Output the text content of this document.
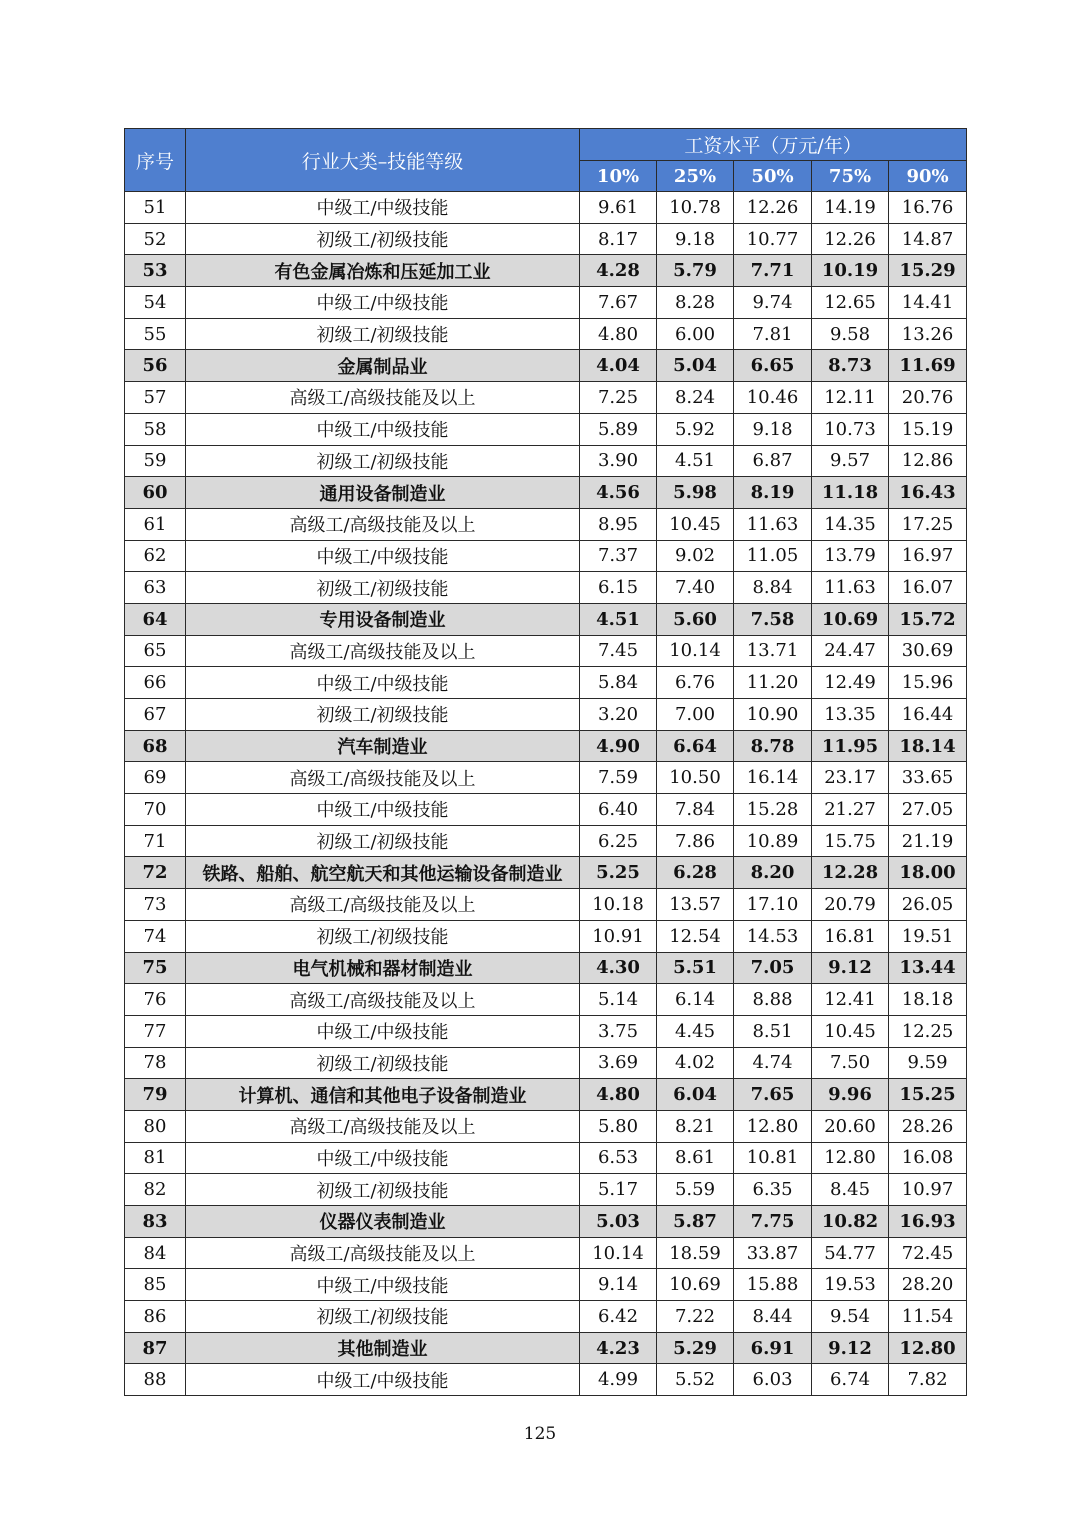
序号	行业大类–技能等级	工资水平（万元/年）				
		10%	25%	50%	75%	90%
51	中级工/中级技能	9.61	10.78	12.26	14.19	16.76
52	初级工/初级技能	8.17	9.18	10.77	12.26	14.87
53	有色金属冶炼和压延加工业	4.28	5.79	7.71	10.19	15.29
54	中级工/中级技能	7.67	8.28	9.74	12.65	14.41
55	初级工/初级技能	4.80	6.00	7.81	9.58	13.26
56	金属制品业	4.04	5.04	6.65	8.73	11.69
57	高级工/高级技能及以上	7.25	8.24	10.46	12.11	20.76
58	中级工/中级技能	5.89	5.92	9.18	10.73	15.19
59	初级工/初级技能	3.90	4.51	6.87	9.57	12.86
60	通用设备制造业	4.56	5.98	8.19	11.18	16.43
61	高级工/高级技能及以上	8.95	10.45	11.63	14.35	17.25
62	中级工/中级技能	7.37	9.02	11.05	13.79	16.97
63	初级工/初级技能	6.15	7.40	8.84	11.63	16.07
64	专用设备制造业	4.51	5.60	7.58	10.69	15.72
65	高级工/高级技能及以上	7.45	10.14	13.71	24.47	30.69
66	中级工/中级技能	5.84	6.76	11.20	12.49	15.96
67	初级工/初级技能	3.20	7.00	10.90	13.35	16.44
68	汽车制造业	4.90	6.64	8.78	11.95	18.14
69	高级工/高级技能及以上	7.59	10.50	16.14	23.17	33.65
70	中级工/中级技能	6.40	7.84	15.28	21.27	27.05
71	初级工/初级技能	6.25	7.86	10.89	15.75	21.19
72	铁路、船舶、航空航天和其他运输设备制造业	5.25	6.28	8.20	12.28	18.00
73	高级工/高级技能及以上	10.18	13.57	17.10	20.79	26.05
74	初级工/初级技能	10.91	12.54	14.53	16.81	19.51
75	电气机械和器材制造业	4.30	5.51	7.05	9.12	13.44
76	高级工/高级技能及以上	5.14	6.14	8.88	12.41	18.18
77	中级工/中级技能	3.75	4.45	8.51	10.45	12.25
78	初级工/初级技能	3.69	4.02	4.74	7.50	9.59
79	计算机、通信和其他电子设备制造业	4.80	6.04	7.65	9.96	15.25
80	高级工/高级技能及以上	5.80	8.21	12.80	20.60	28.26
81	中级工/中级技能	6.53	8.61	10.81	12.80	16.08
82	初级工/初级技能	5.17	5.59	6.35	8.45	10.97
83	仪器仪表制造业	5.03	5.87	7.75	10.82	16.93
84	高级工/高级技能及以上	10.14	18.59	33.87	54.77	72.45
85	中级工/中级技能	9.14	10.69	15.88	19.53	28.20
86	初级工/初级技能	6.42	7.22	8.44	9.54	11.54
87	其他制造业	4.23	5.29	6.91	9.12	12.80
88	中级工/中级技能	4.99	5.52	6.03	6.74	7.82
125
